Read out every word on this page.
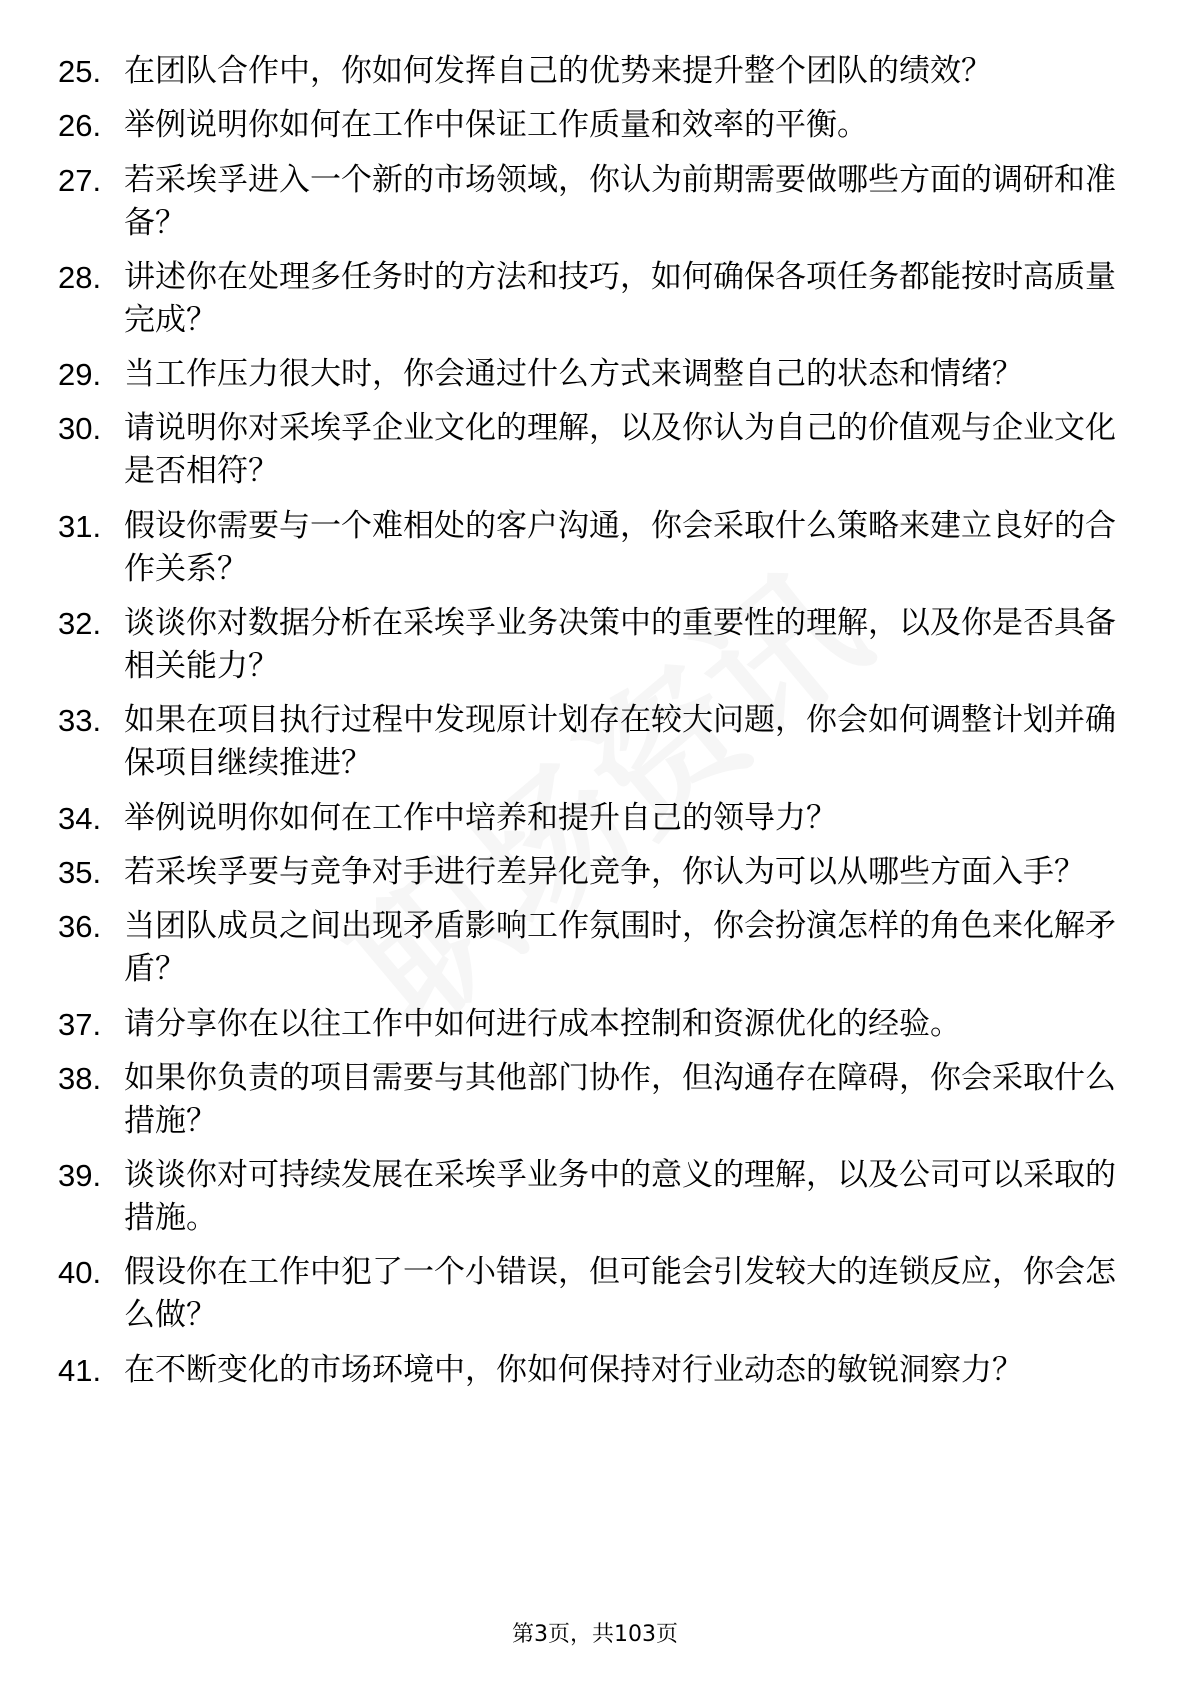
25. 在团队合作中，你如何发挥自己的优势来提升整个团队的绩效？
26. 举例说明你如何在工作中保证工作质量和效率的平衡。
27. 若采埃孚进入一个新的市场领域，你认为前期需要做哪些方面的调研和准备？
28. 讲述你在处理多任务时的方法和技巧，如何确保各项任务都能按时高质量完成？
29. 当工作压力很大时，你会通过什么方式来调整自己的状态和情绪？
30. 请说明你对采埃孚企业文化的理解，以及你认为自己的价值观与企业文化是否相符？
31. 假设你需要与一个难相处的客户沟通，你会采取什么策略来建立良好的合作关系？
32. 谈谈你对数据分析在采埃孚业务决策中的重要性的理解，以及你是否具备相关能力？
33. 如果在项目执行过程中发现原计划存在较大问题，你会如何调整计划并确保项目继续推进？
34. 举例说明你如何在工作中培养和提升自己的领导力？
35. 若采埃孚要与竞争对手进行差异化竞争，你认为可以从哪些方面入手？
36. 当团队成员之间出现矛盾影响工作氛围时，你会扮演怎样的角色来化解矛盾？
37. 请分享你在以往工作中如何进行成本控制和资源优化的经验。
38. 如果你负责的项目需要与其他部门协作，但沟通存在障碍，你会采取什么措施？
39. 谈谈你对可持续发展在采埃孚业务中的意义的理解，以及公司可以采取的措施。
40. 假设你在工作中犯了一个小错误，但可能会引发较大的连锁反应，你会怎么做？
41. 在不断变化的市场环境中，你如何保持对行业动态的敏锐洞察力？
第3页，共103页
